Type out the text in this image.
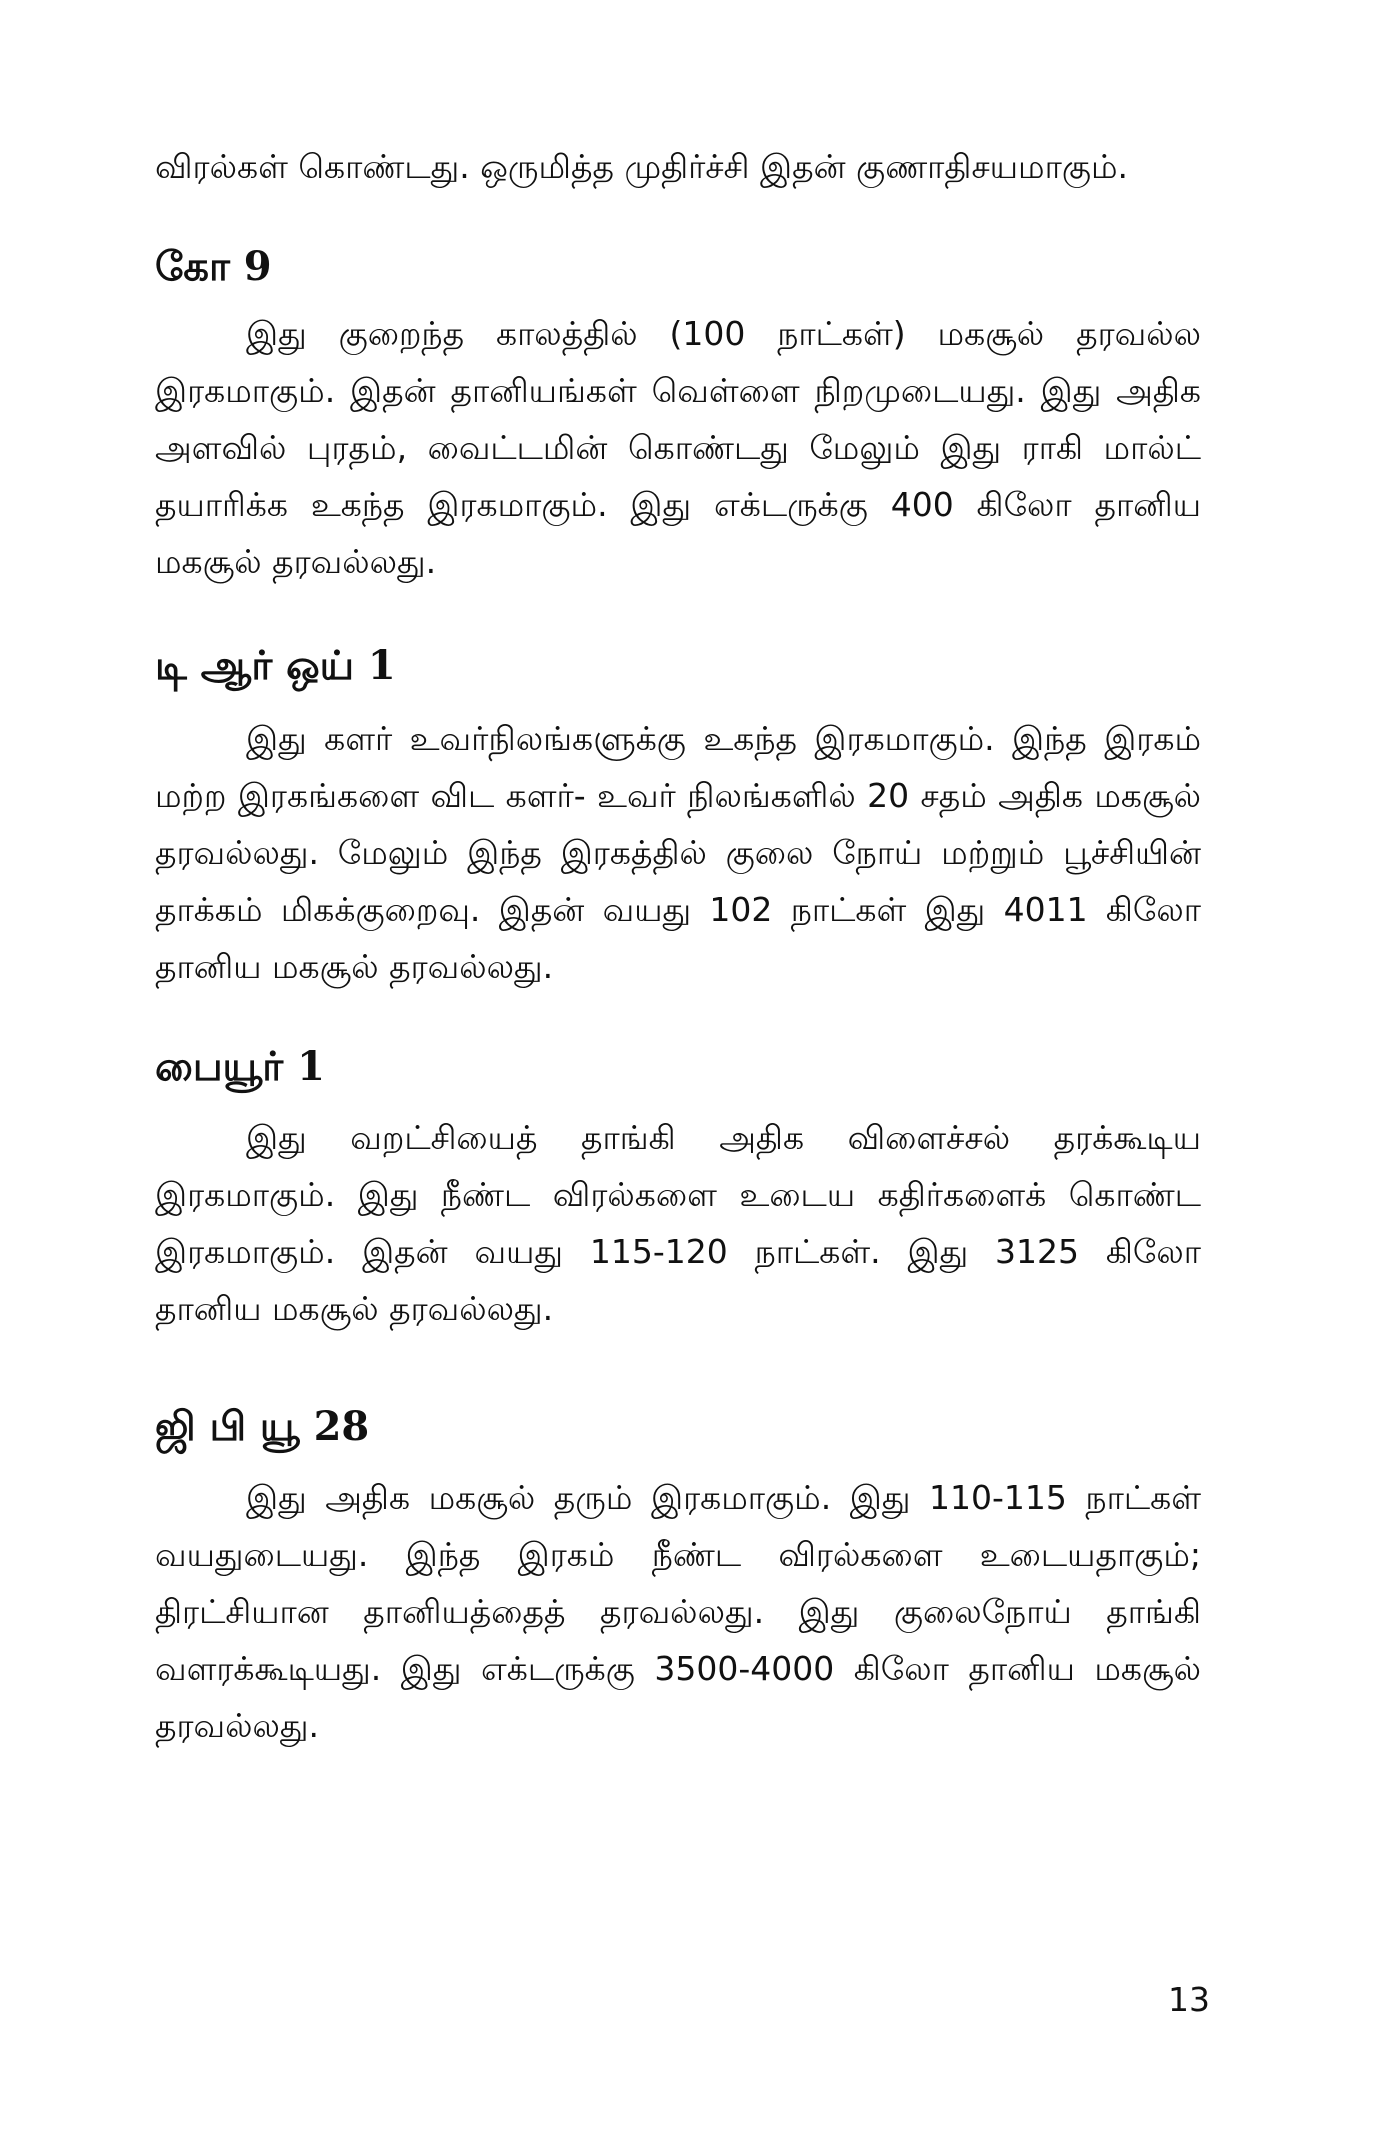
விரல்கள் கொண்டது. ஒருமித்த முதிர்ச்சி இதன் குணாதிசயமாகும்.

கோ 9

இது குறைந்த காலத்தில் (100 நாட்கள்) மகசூல் தரவல்ல இரகமாகும். இதன் தானியங்கள் வெள்ளை நிறமுடையது. இது அதிக அளவில் புரதம், வைட்டமின் கொண்டது மேலும் இது ராகி மால்ட் தயாரிக்க உகந்த இரகமாகும். இது எக்டருக்கு 400 கிலோ தானிய மகசூல் தரவல்லது.

டி ஆர் ஒய் 1

இது களர் உவர்நிலங்களுக்கு உகந்த இரகமாகும். இந்த இரகம் மற்ற இரகங்களை விட களர்- உவர் நிலங்களில் 20 சதம் அதிக மகசூல் தரவல்லது. மேலும் இந்த இரகத்தில் குலை நோய் மற்றும் பூச்சியின் தாக்கம் மிகக்குறைவு. இதன் வயது 102 நாட்கள் இது 4011 கிலோ தானிய மகசூல் தரவல்லது.

பையூர் 1

இது வறட்சியைத் தாங்கி அதிக விளைச்சல் தரக்கூடிய இரகமாகும். இது நீண்ட விரல்களை உடைய கதிர்களைக் கொண்ட இரகமாகும். இதன் வயது 115-120 நாட்கள். இது 3125 கிலோ தானிய மகசூல் தரவல்லது.

ஜி பி யூ 28

இது அதிக மகசூல் தரும் இரகமாகும். இது 110-115 நாட்கள் வயதுடையது. இந்த இரகம் நீண்ட விரல்களை உடையதாகும்; திரட்சியான தானியத்தைத் தரவல்லது. இது குலைநோய் தாங்கி வளரக்கூடியது. இது எக்டருக்கு 3500-4000 கிலோ தானிய மகசூல் தரவல்லது.

13
